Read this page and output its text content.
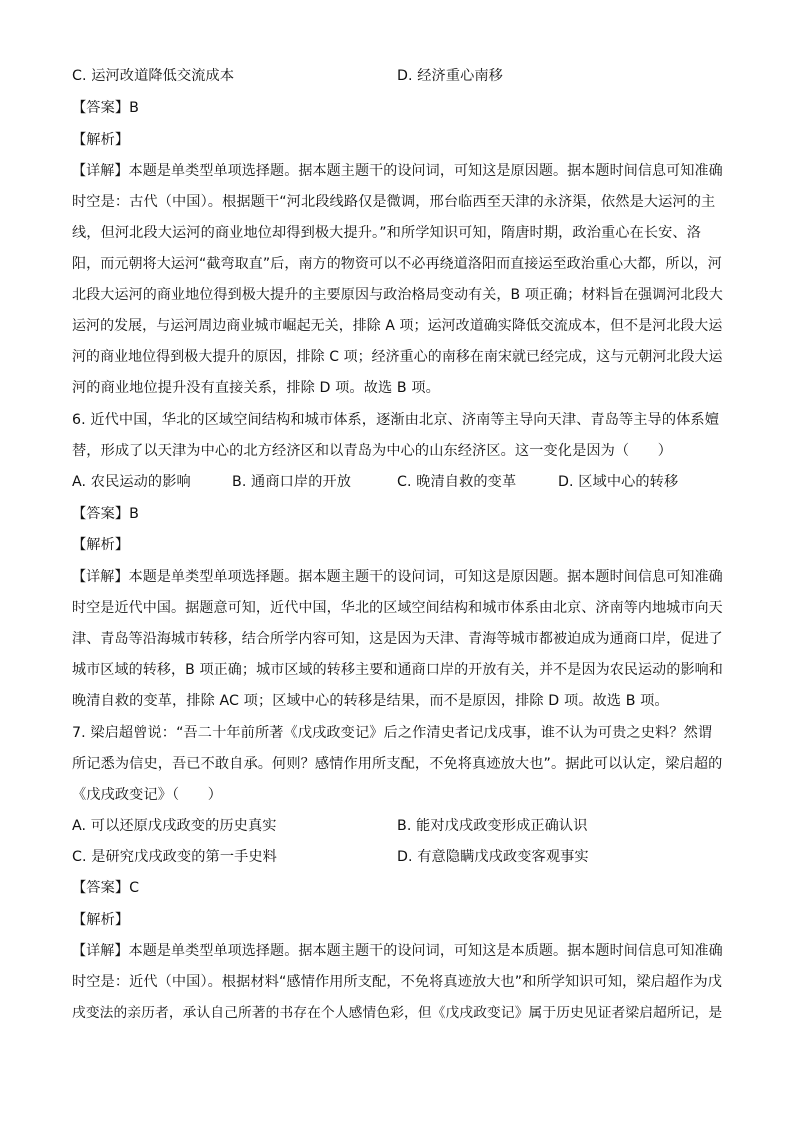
C. 运河改道降低交流成本	D. 经济重心南移
【答案】B
【解析】
【详解】本题是单类型单项选择题。据本题主题干的设问词，可知这是原因题。据本题时间信息可知准确
时空是：古代（中国）。根据题干“河北段线路仅是微调，邢台临西至天津的永济渠，依然是大运河的主
线，但河北段大运河的商业地位却得到极大提升。”和所学知识可知，隋唐时期，政治重心在长安、洛
阳，而元朝将大运河“截弯取直”后，南方的物资可以不必再绕道洛阳而直接运至政治重心大都，所以，河
北段大运河的商业地位得到极大提升的主要原因与政治格局变动有关，B 项正确；材料旨在强调河北段大
运河的发展，与运河周边商业城市崛起无关，排除 A 项；运河改道确实降低交流成本，但不是河北段大运
河的商业地位得到极大提升的原因，排除 C 项；经济重心的南移在南宋就已经完成，这与元朝河北段大运
河的商业地位提升没有直接关系，排除 D 项。故选 B 项。
6. 近代中国，华北的区域空间结构和城市体系，逐渐由北京、济南等主导向天津、青岛等主导的体系嬗
替，形成了以天津为中心的北方经济区和以青岛为中心的山东经济区。这一变化是因为（　　）
A. 农民运动的影响	B. 通商口岸的开放	C. 晚清自救的变革	D. 区域中心的转移
【答案】B
【解析】
【详解】本题是单类型单项选择题。据本题主题干的设问词，可知这是原因题。据本题时间信息可知准确
时空是近代中国。据题意可知，近代中国，华北的区域空间结构和城市体系由北京、济南等内地城市向天
津、青岛等沿海城市转移，结合所学内容可知，这是因为天津、青海等城市都被迫成为通商口岸，促进了
城市区域的转移，B 项正确；城市区域的转移主要和通商口岸的开放有关，并不是因为农民运动的影响和
晚清自救的变革，排除 AC 项；区域中心的转移是结果，而不是原因，排除 D 项。故选 B 项。
7. 梁启超曾说：“吾二十年前所著《戊戌政变记》后之作清史者记戊戌事，谁不认为可贵之史料？然谓
所记悉为信史，吾已不敢自承。何则？感情作用所支配，不免将真迹放大也”。据此可以认定，梁启超的
《戊戌政变记》（　　）
A. 可以还原戊戌政变的历史真实	B. 能对戊戌政变形成正确认识
C. 是研究戊戌政变的第一手史料	D. 有意隐瞒戊戌政变客观事实
【答案】C
【解析】
【详解】本题是单类型单项选择题。据本题主题干的设问词，可知这是本质题。据本题时间信息可知准确
时空是：近代（中国）。根据材料“感情作用所支配，不免将真迹放大也”和所学知识可知，梁启超作为戊
戌变法的亲历者，承认自己所著的书存在个人感情色彩，但《戊戌政变记》属于历史见证者梁启超所记，是
